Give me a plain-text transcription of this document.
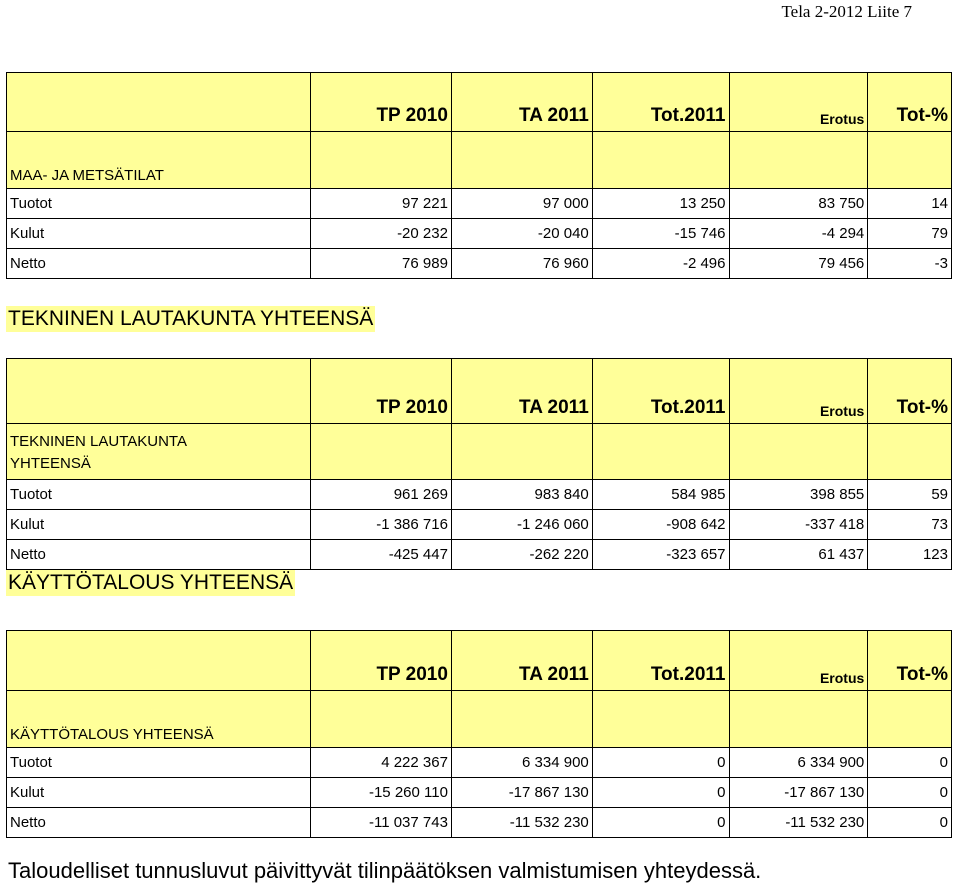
Tela 2-2012 Liite 7
	TP 2010	TA 2011	Tot.2011	Erotus	Tot-%
MAA- JA METSÄTILAT					
Tuotot	97 221	97 000	13 250	83 750	14
Kulut	-20 232	-20 040	-15 746	-4 294	79
Netto	76 989	76 960	-2 496	79 456	-3
TEKNINEN LAUTAKUNTA YHTEENSÄ
	TP 2010	TA 2011	Tot.2011	Erotus	Tot-%
TEKNINEN LAUTAKUNTA
YHTEENSÄ					
Tuotot	961 269	983 840	584 985	398 855	59
Kulut	-1 386 716	-1 246 060	-908 642	-337 418	73
Netto	-425 447	-262 220	-323 657	61 437	123
KÄYTTÖTALOUS YHTEENSÄ
	TP 2010	TA 2011	Tot.2011	Erotus	Tot-%
KÄYTTÖTALOUS YHTEENSÄ					
Tuotot	4 222 367	6 334 900	0	6 334 900	0
Kulut	-15 260 110	-17 867 130	0	-17 867 130	0
Netto	-11 037 743	-11 532 230	0	-11 532 230	0
Taloudelliset tunnusluvut päivittyvät tilinpäätöksen valmistumisen yhteydessä.
